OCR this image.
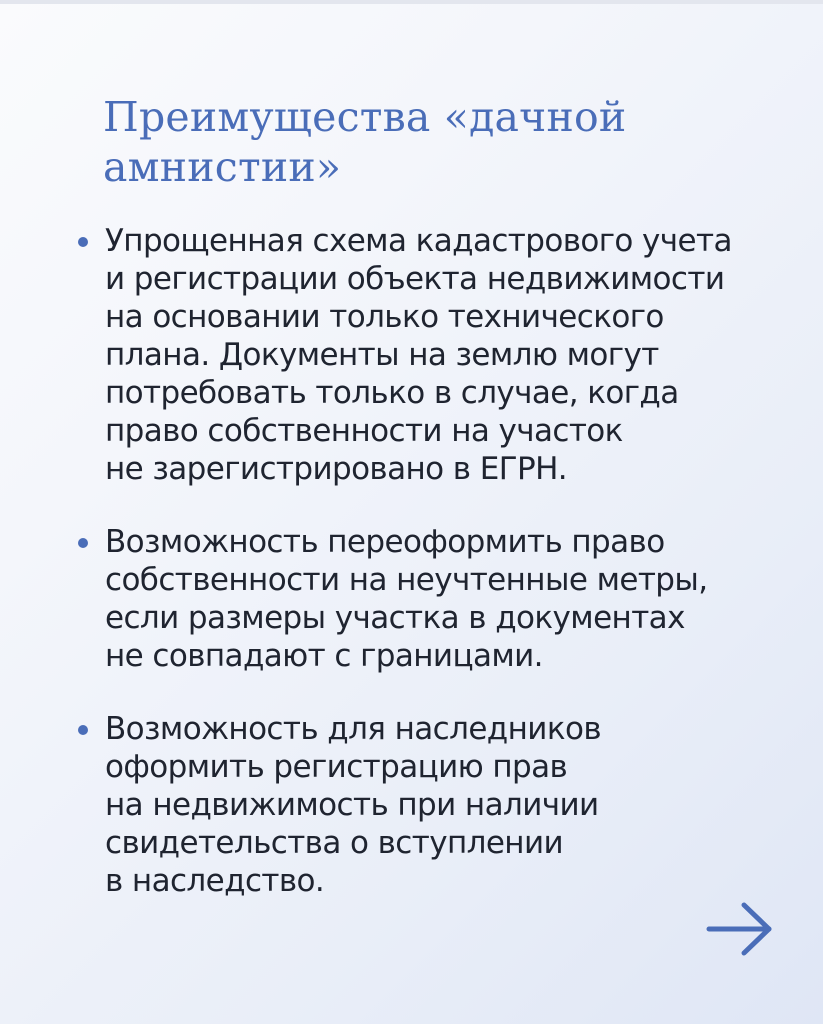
Преимущества «дачной
амнистии»
Упрощенная схема кадастрового учета
и регистрации объекта недвижимости
на основании только технического
плана. Документы на землю могут
потребовать только в случае, когда
право собственности на участок
не зарегистрировано в ЕГРН.
Возможность переоформить право
собственности на неучтенные метры,
если размеры участка в документах
не совпадают с границами.
Возможность для наследников
оформить регистрацию прав
на недвижимость при наличии
свидетельства о вступлении
в наследство.
